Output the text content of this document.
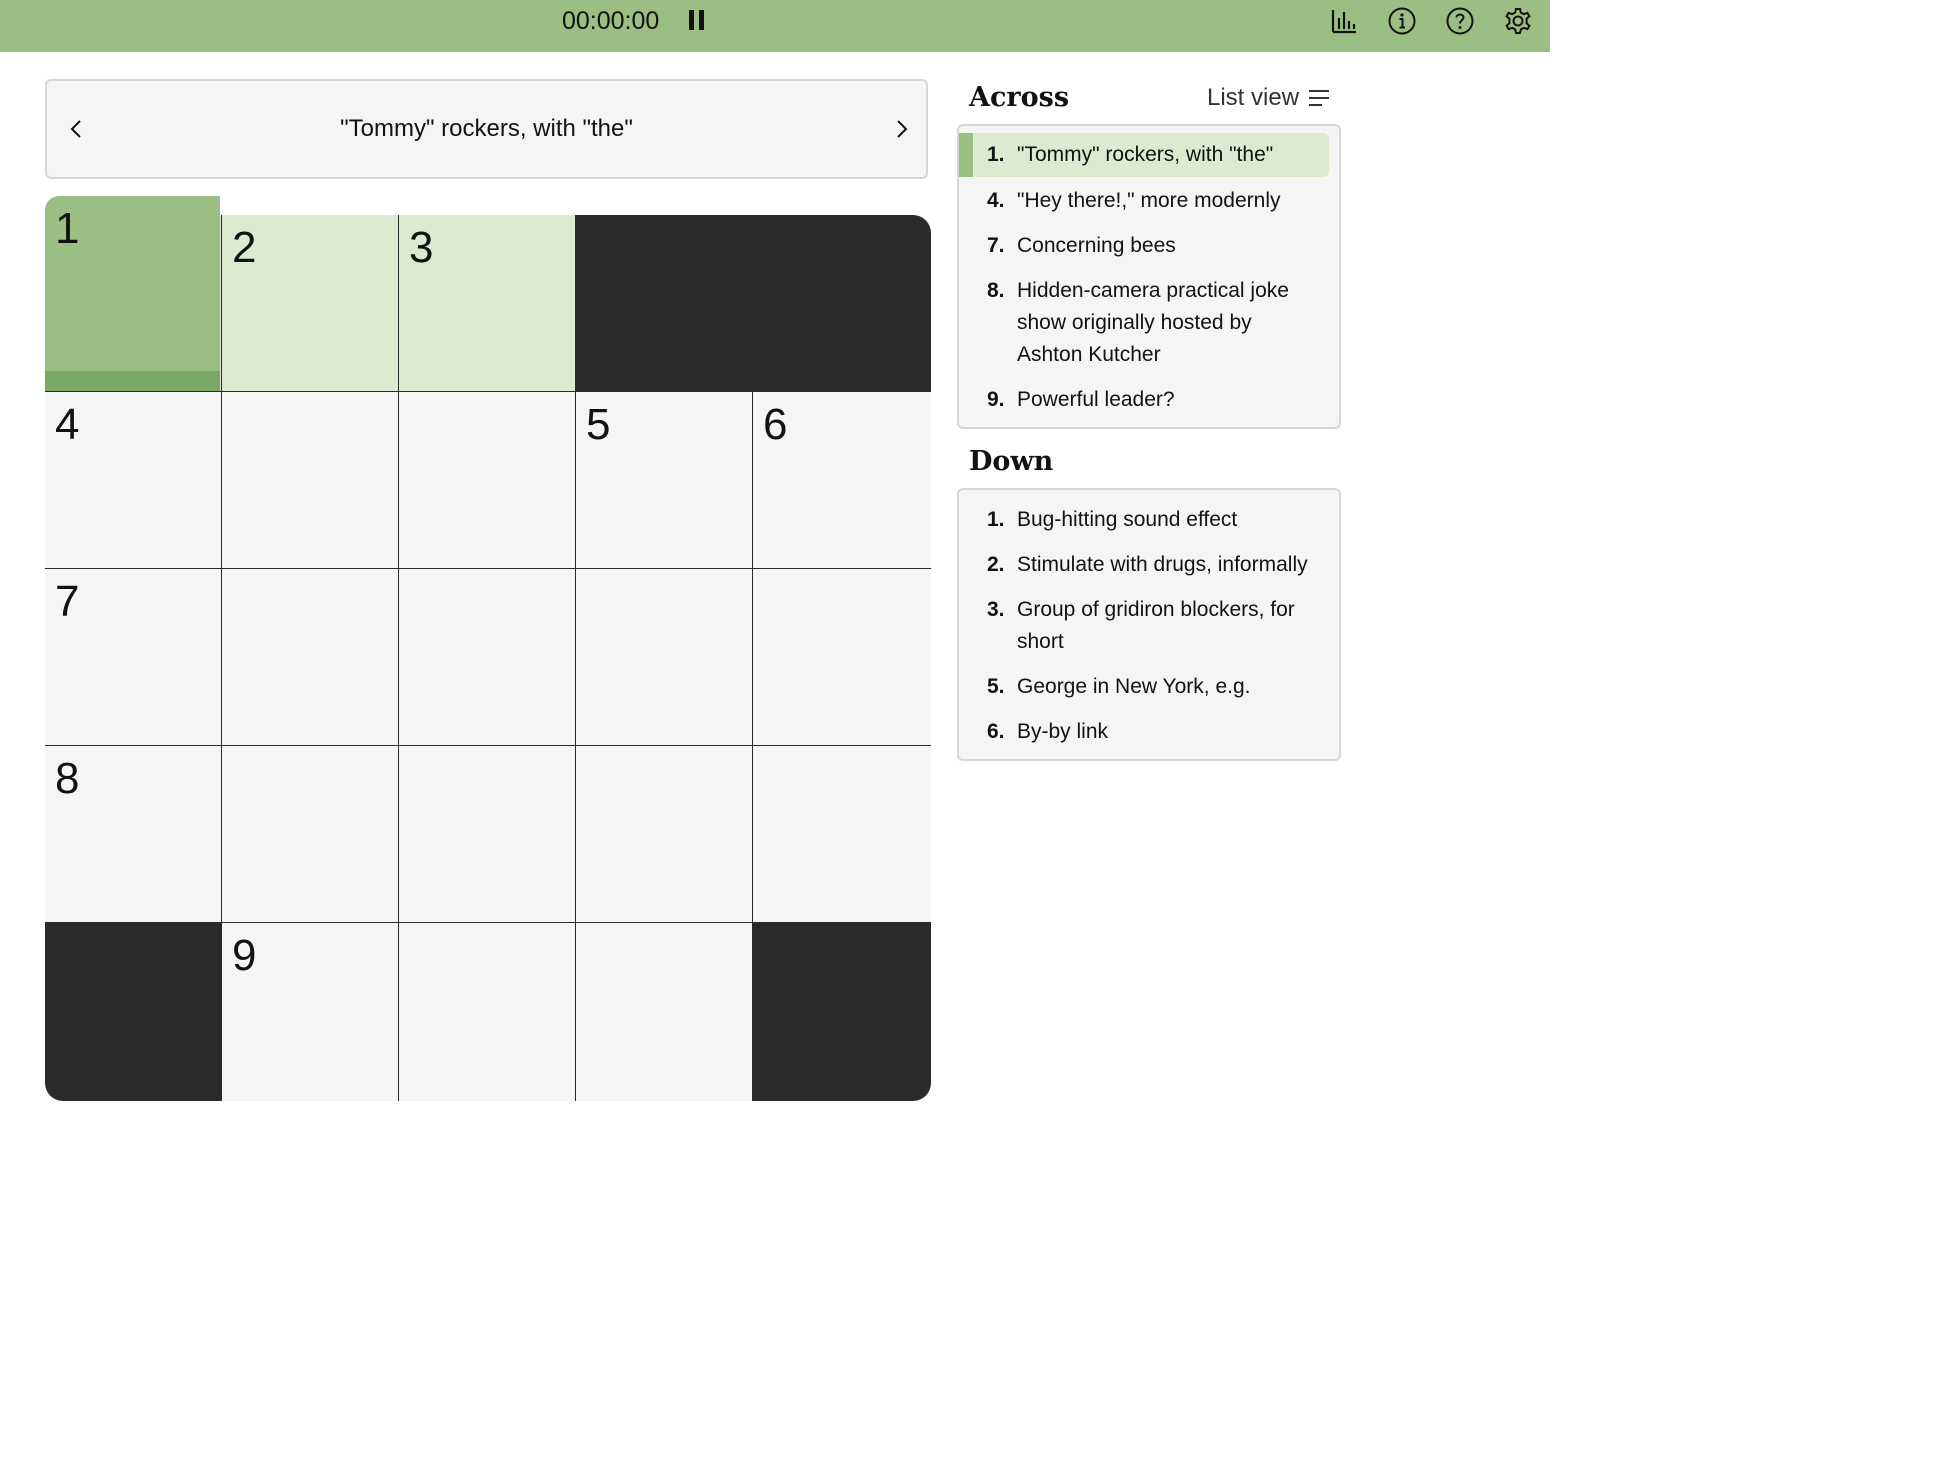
00:00:00
"Tommy" rockers, with "the"
2	3
4	5	6
7
8
9
1
Across	List view
1. "Tommy" rockers, with "the"
4. "Hey there!," more modernly
7. Concerning bees
8. Hidden-camera practical joke show originally hosted by Ashton Kutcher
9. Powerful leader?
Down
1. Bug-hitting sound effect
2. Stimulate with drugs, informally
3. Group of gridiron blockers, for short
5. George in New York, e.g.
6. By-by link
